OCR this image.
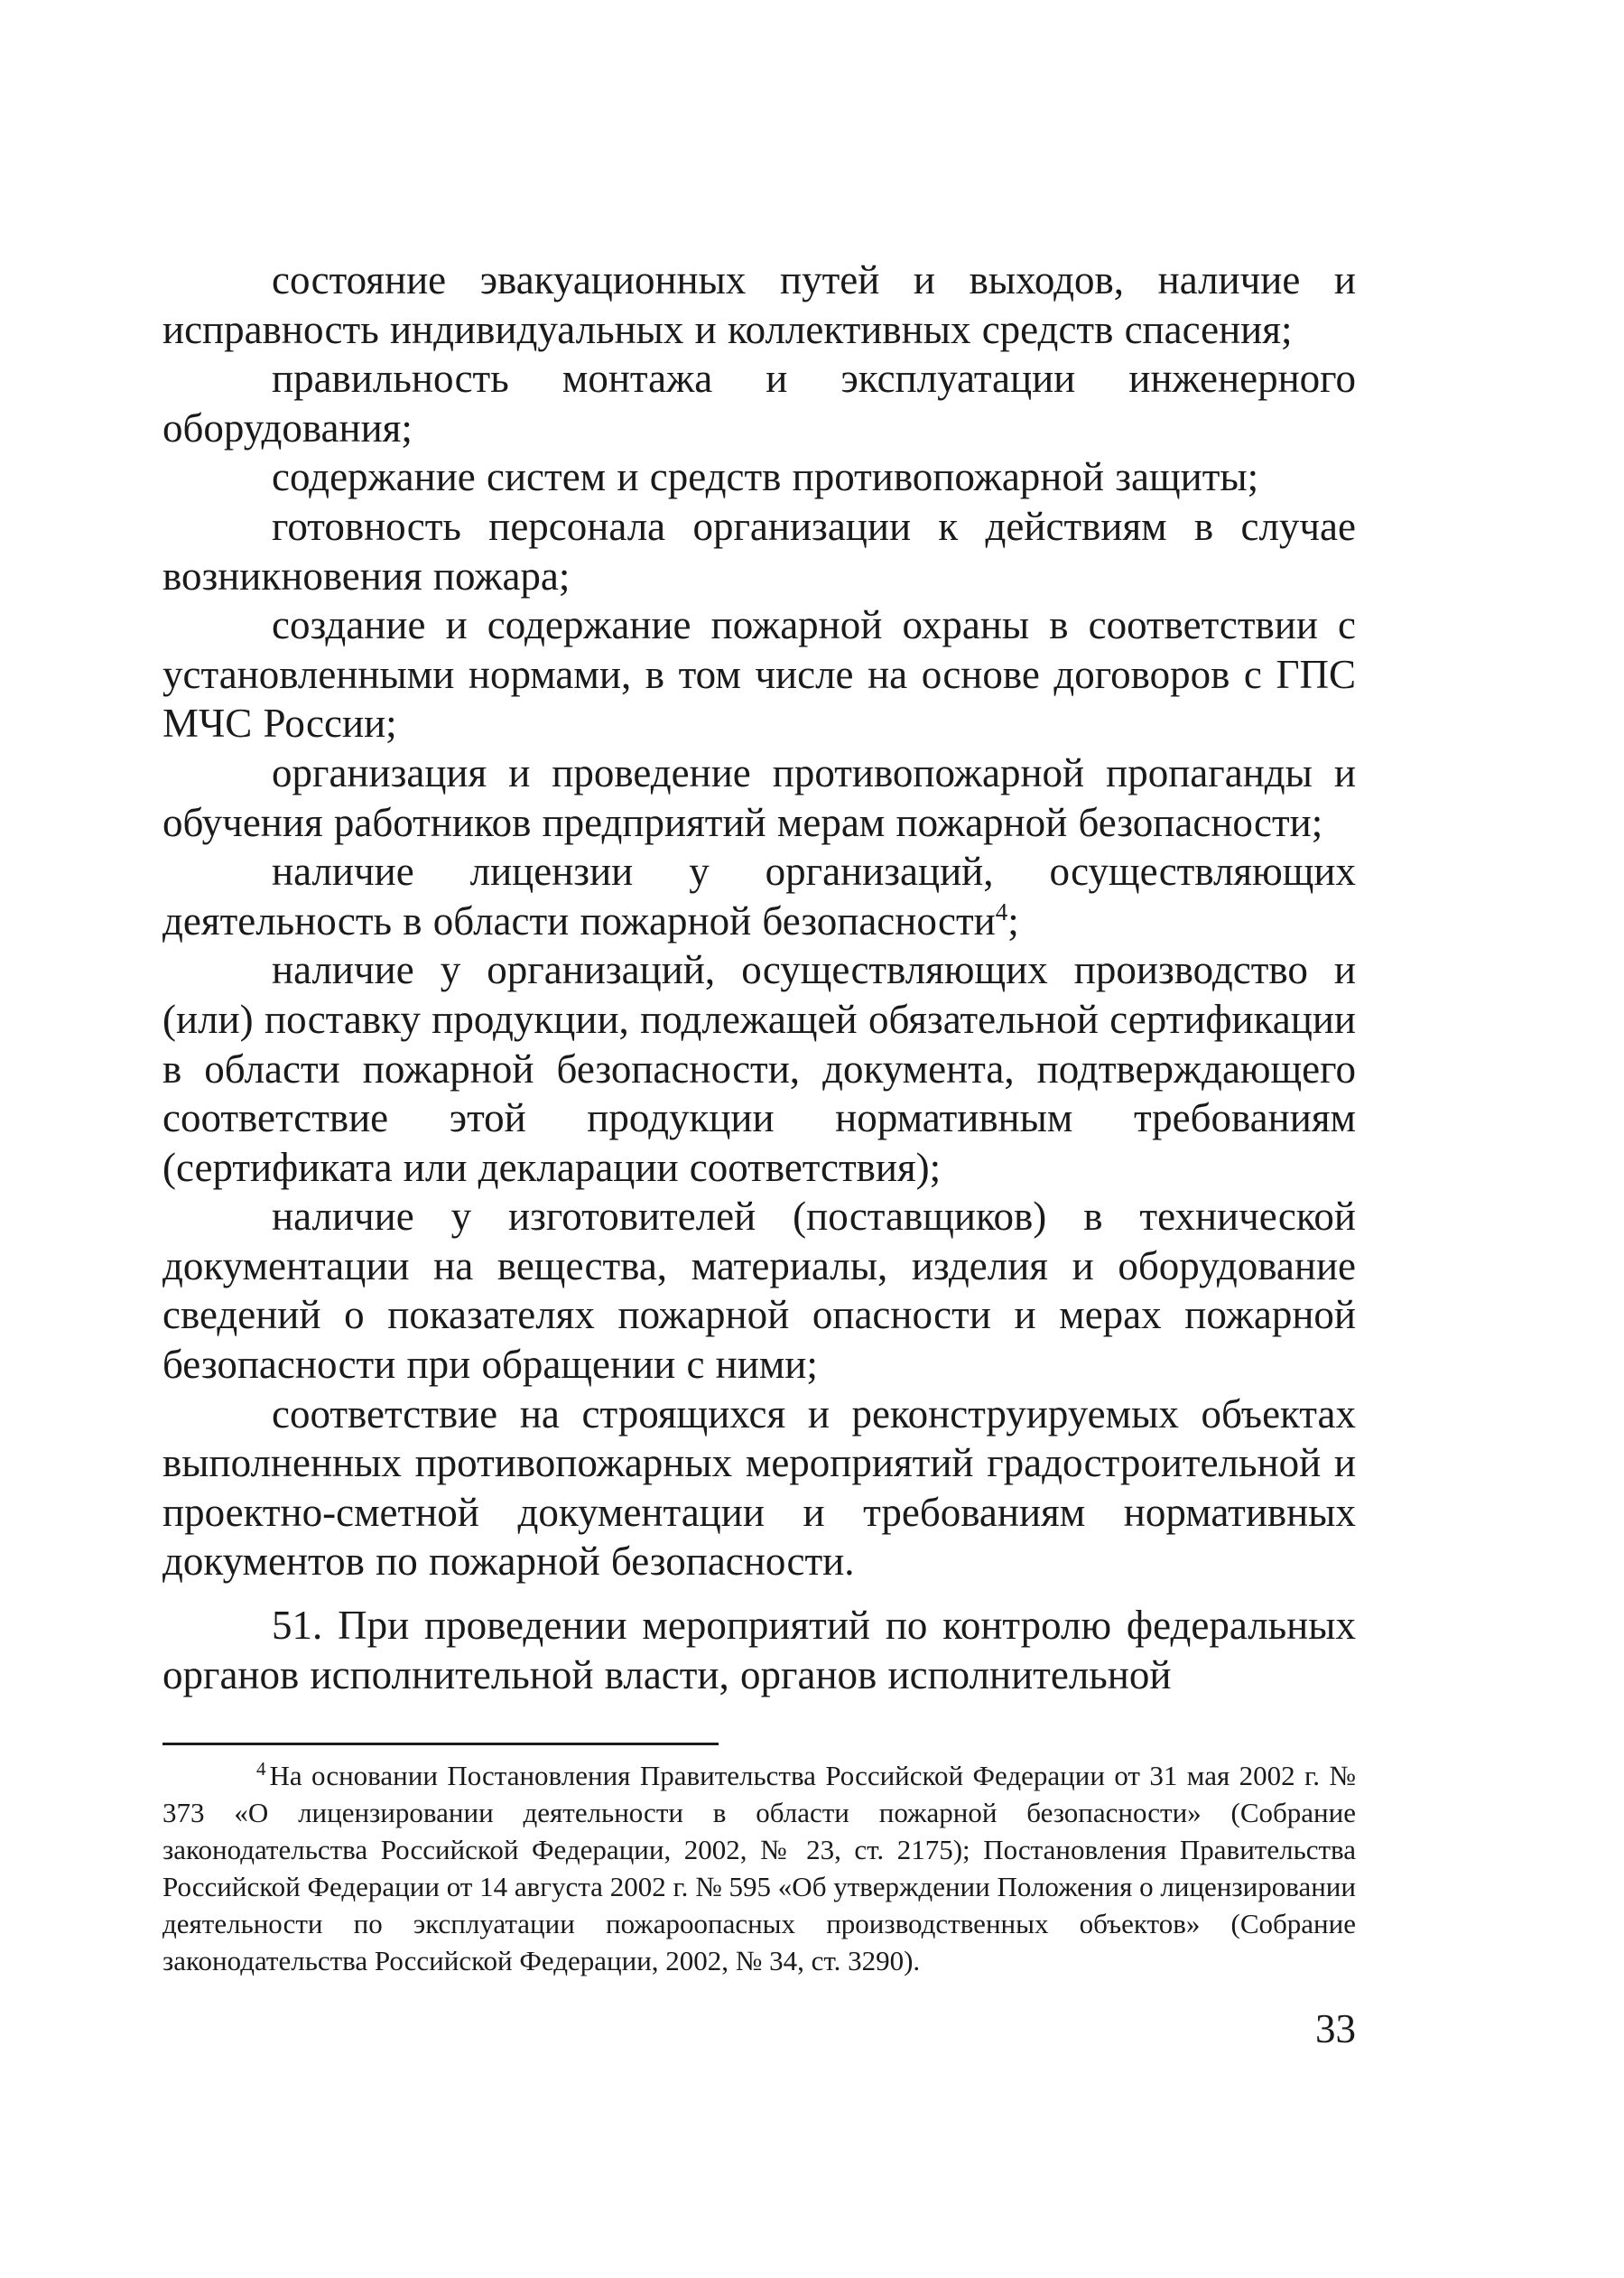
состояние эвакуационных путей и выходов, наличие и исправность индивидуальных и коллективных средств спасения;

правильность монтажа и эксплуатации инженерного оборудования;

содержание систем и средств противопожарной защиты;

готовность персонала организации к действиям в случае возникновения пожара;

создание и содержание пожарной охраны в соответствии с установленными нормами, в том числе на основе договоров с ГПС МЧС России;

организация и проведение противопожарной пропаганды и обучения работников предприятий мерам пожарной безопасности;

наличие лицензии у организаций, осуществляющих деятельность в области пожарной безопасности$^4$;

наличие у организаций, осуществляющих производство и (или) поставку продукции, подлежащей обязательной сертификации в области пожарной безопасности, документа, подтверждающего соответствие этой продукции нормативным требованиям (сертификата или декларации соответствия);

наличие у изготовителей (поставщиков) в технической документации на вещества, материалы, изделия и оборудование сведений о показателях пожарной опасности и мерах пожарной безопасности при обращении с ними;

соответствие на строящихся и реконструируемых объектах выполненных противопожарных мероприятий градостроительной и проектно-сметной документации и требованиям нормативных документов по пожарной безопасности.

51. При проведении мероприятий по контролю федеральных органов исполнительной власти, органов исполнительной

$^4$ На основании Постановления Правительства Российской Федерации от 31 мая 2002 г. № 373 «О лицензировании деятельности в области пожарной безопасности» (Собрание законодательства Российской Федерации, 2002, № 23, ст. 2175); Постановления Правительства Российской Федерации от 14 августа 2002 г. № 595 «Об утверждении Положения о лицензировании деятельности по эксплуатации пожароопасных производственных объектов» (Собрание законодательства Российской Федерации, 2002, № 34, ст. 3290).

33
